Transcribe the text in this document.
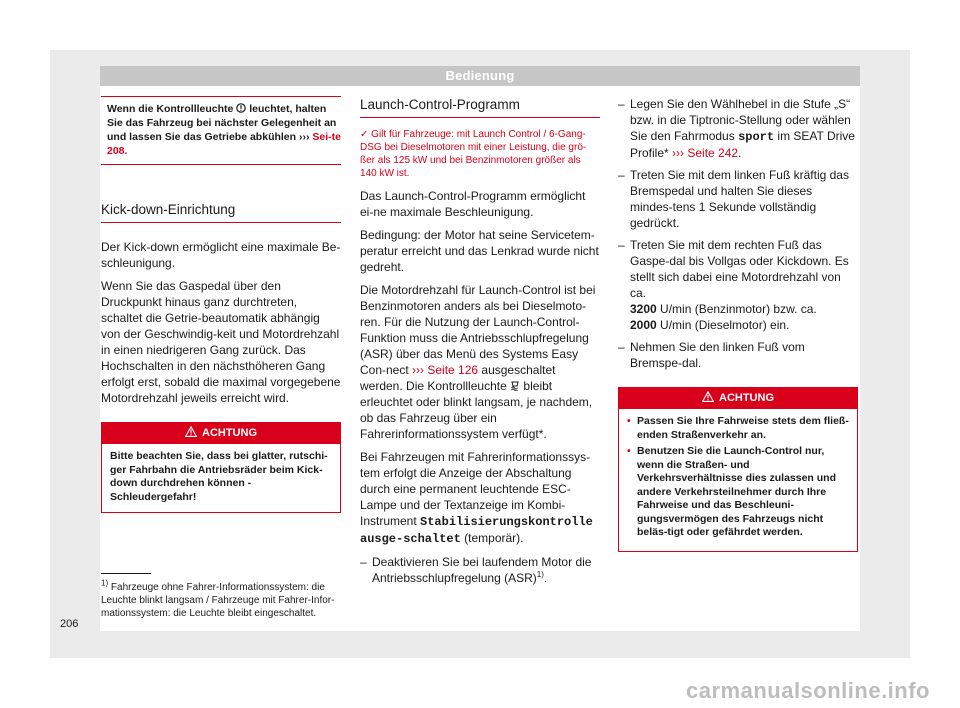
Bedienung
Wenn die Kontrollleuchte  leuchtet, halten Sie das Fahrzeug bei nächster Gelegenheit an und lassen Sie das Getriebe abkühlen ››› Sei-te 208.
Kick-down-Einrichtung

Der Kick-down ermöglicht eine maximale Be-schleunigung.

Wenn Sie das Gaspedal über den Druckpunkt hinaus ganz durchtreten, schaltet die Getrie-beautomatik abhängig von der Geschwindig-keit und Motordrehzahl in einen niedrigeren Gang zurück. Das Hochschalten in den nächsthöheren Gang erfolgt erst, sobald die maximal vorgegebene Motordrehzahl jeweils erreicht wird.

ACHTUNG
Bitte beachten Sie, dass bei glatter, rutschi-ger Fahrbahn die Antriebsräder beim Kick-down durchdrehen können - Schleudergefahr!
Launch-Control-Programm
✓ Gilt für Fahrzeuge: mit Launch Control / 6-Gang-DSG bei Dieselmotoren mit einer Leistung, die grö-ßer als 125 kW und bei Benzinmotoren größer als 140 kW ist.

Das Launch-Control-Programm ermöglicht ei-ne maximale Beschleunigung.

Bedingung: der Motor hat seine Servicetem-peratur erreicht und das Lenkrad wurde nicht gedreht.

Die Motordrehzahl für Launch-Control ist bei Benzinmotoren anders als bei Dieselmoto-ren. Für die Nutzung der Launch-Control-Funktion muss die Antriebsschlupfregelung (ASR) über das Menü des Systems Easy Con-nect ››› Seite 126 ausgeschaltet werden. Die Kontrollleuchte  bleibt erleuchtet oder blinkt langsam, je nachdem, ob das Fahrzeug über ein Fahrerinformationssystem verfügt*.

Bei Fahrzeugen mit Fahrerinformationssys-tem erfolgt die Anzeige der Abschaltung durch eine permanent leuchtende ESC-Lampe und der Textanzeige im Kombi-Instrument Stabilisierungskontrolle ausge-schaltet (temporär).

– Deaktivieren Sie bei laufendem Motor die Antriebsschlupfregelung (ASR)$^{1)}$.
– Legen Sie den Wählhebel in die Stufe „S“ bzw. in die Tiptronic-Stellung oder wählen Sie den Fahrmodus sport im SEAT Drive Profile* ››› Seite 242.
– Treten Sie mit dem linken Fuß kräftig das Bremspedal und halten Sie dieses mindes-tens 1 Sekunde vollständig gedrückt.
– Treten Sie mit dem rechten Fuß das Gaspe-dal bis Vollgas oder Kickdown. Es stellt sich dabei eine Motordrehzahl von ca.
3200 U/min (Benzinmotor) bzw. ca.
2000 U/min (Dieselmotor) ein.
– Nehmen Sie den linken Fuß vom Bremspe-dal.
ACHTUNG
• Passen Sie Ihre Fahrweise stets dem fließ-enden Straßenverkehr an.
• Benutzen Sie die Launch-Control nur, wenn die Straßen- und Verkehrsverhältnisse dies zulassen und andere Verkehrsteilnehmer durch Ihre Fahrweise und das Beschleuni-gungsvermögen des Fahrzeugs nicht beläs-tigt oder gefährdet werden.
$^{1)}$ Fahrzeuge ohne Fahrer-Informationssystem: die Leuchte blinkt langsam / Fahrzeuge mit Fahrer-Infor-mationssystem: die Leuchte bleibt eingeschaltet.
206
carmanualsonline.info
